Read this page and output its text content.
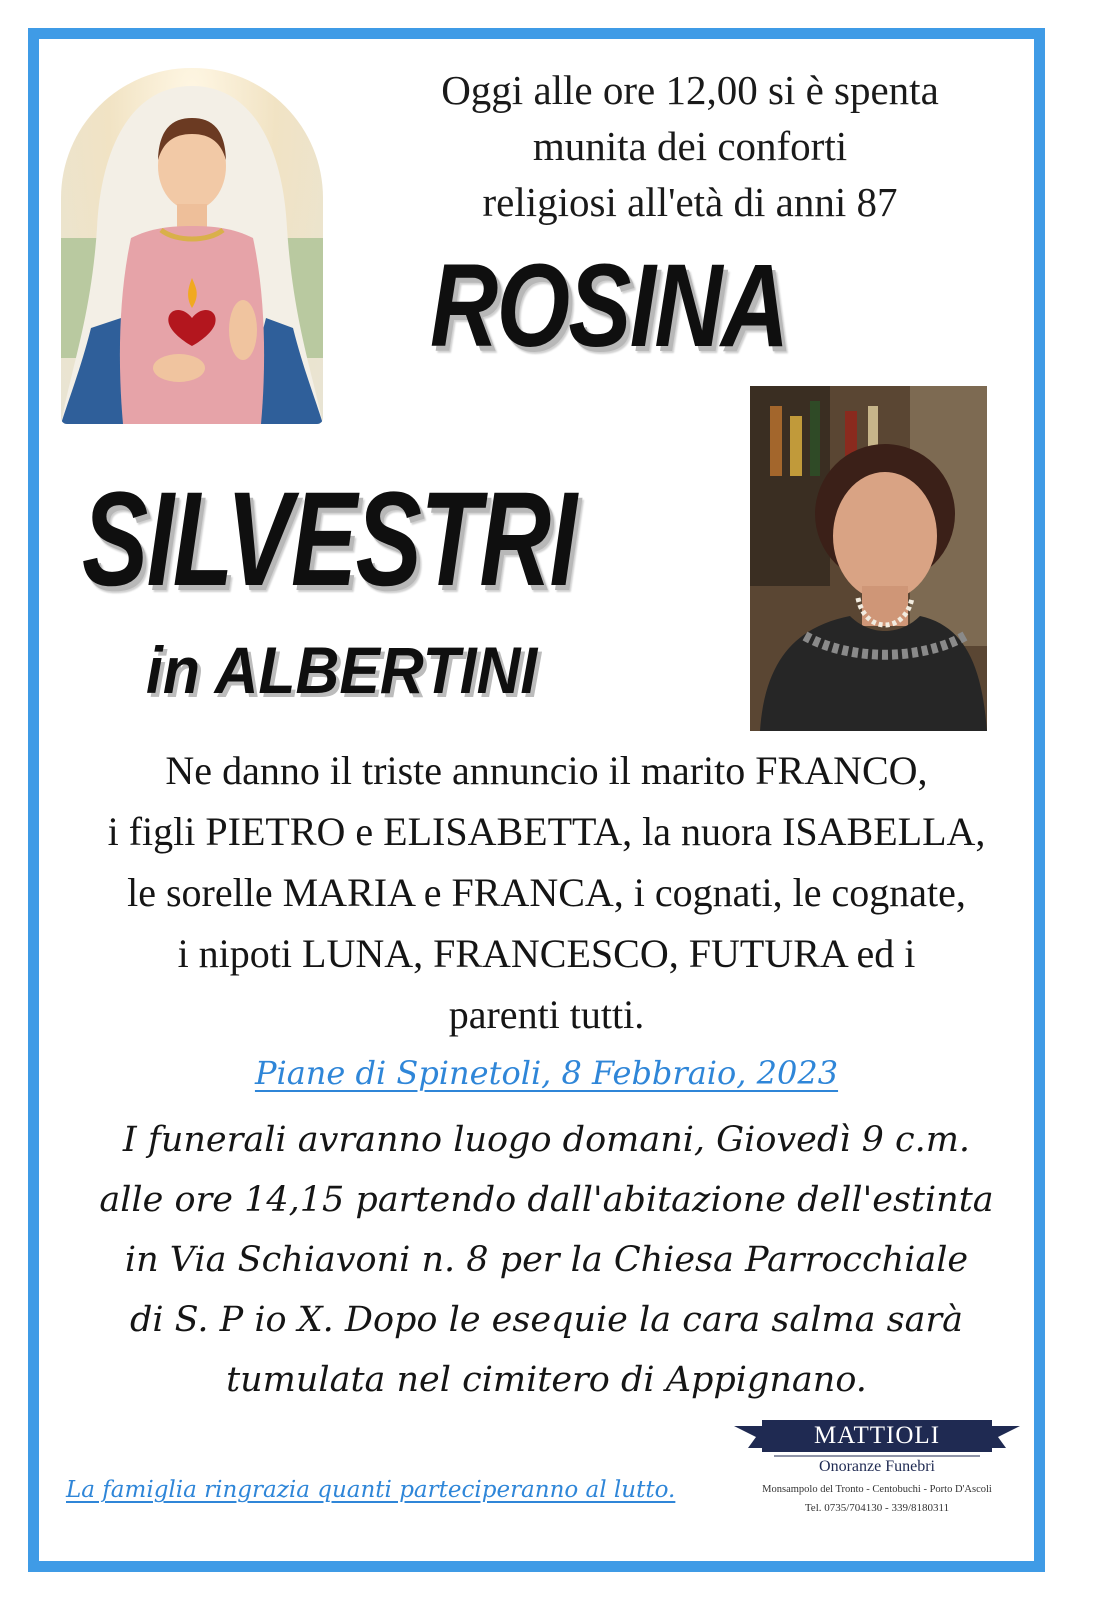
Oggi alle ore 12,00 si è spenta
munita dei conforti
religiosi all'età di anni 87
ROSINA
SILVESTRI
in ALBERTINI
Ne danno il triste annuncio il marito FRANCO,
i figli PIETRO e ELISABETTA, la nuora ISABELLA,
le sorelle MARIA e FRANCA, i cognati, le cognate,
i nipoti LUNA, FRANCESCO, FUTURA ed i
parenti tutti.
Piane di Spinetoli, 8 Febbraio, 2023
I funerali avranno luogo domani, Giovedì 9 c.m.
alle ore 14,15 partendo dall'abitazione dell'estinta
in Via Schiavoni n. 8 per la Chiesa Parrocchiale
di S. P io X. Dopo le esequie la cara salma sarà
tumulata nel cimitero di Appignano.
La famiglia ringrazia quanti parteciperanno al lutto.
MATTIOLI
Onoranze Funebri
Monsampolo del Tronto - Centobuchi - Porto D'Ascoli
Tel. 0735/704130 - 339/8180311
